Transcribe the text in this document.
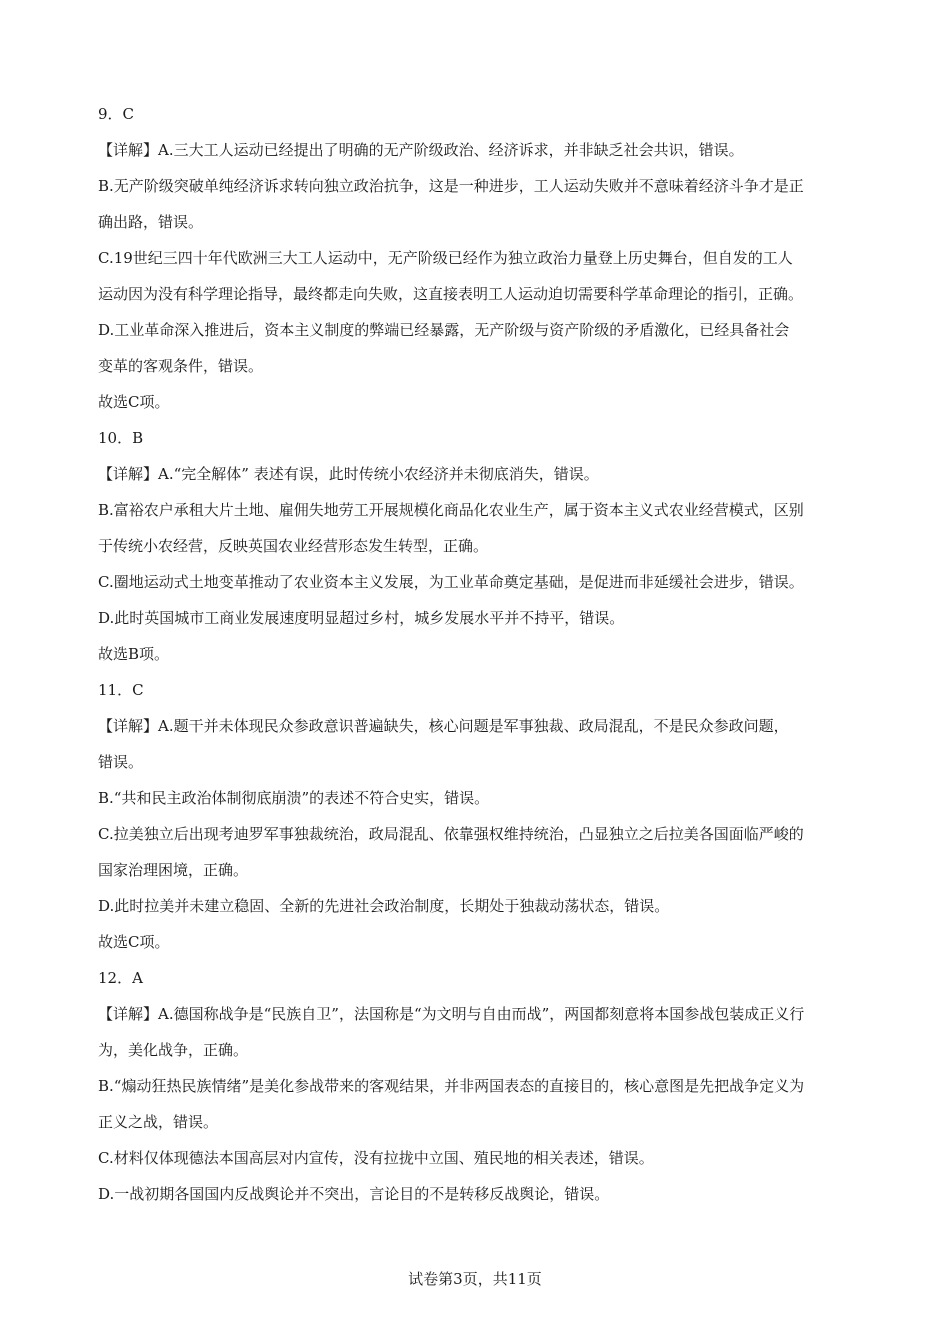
9．C
【详解】A.三大工人运动已经提出了明确的无产阶级政治、经济诉求，并非缺乏社会共识，错误。
B.无产阶级突破单纯经济诉求转向独立政治抗争，这是一种进步，工人运动失败并不意味着经济斗争才是正
确出路，错误。
C.19世纪三四十年代欧洲三大工人运动中，无产阶级已经作为独立政治力量登上历史舞台，但自发的工人
运动因为没有科学理论指导，最终都走向失败，这直接表明工人运动迫切需要科学革命理论的指引，正确。
D.工业革命深入推进后，资本主义制度的弊端已经暴露，无产阶级与资产阶级的矛盾激化，已经具备社会
变革的客观条件，错误。
故选C项。
10．B
【详解】A.“完全解体” 表述有误，此时传统小农经济并未彻底消失，错误。
B.富裕农户承租大片土地、雇佣失地劳工开展规模化商品化农业生产，属于资本主义式农业经营模式，区别
于传统小农经营，反映英国农业经营形态发生转型，正确。
C.圈地运动式土地变革推动了农业资本主义发展，为工业革命奠定基础，是促进而非延缓社会进步，错误。
D.此时英国城市工商业发展速度明显超过乡村，城乡发展水平并不持平，错误。
故选B项。
11．C
【详解】A.题干并未体现民众参政意识普遍缺失，核心问题是军事独裁、政局混乱，不是民众参政问题，
错误。
B.“共和民主政治体制彻底崩溃”的表述不符合史实，错误。
C.拉美独立后出现考迪罗军事独裁统治，政局混乱、依靠强权维持统治，凸显独立之后拉美各国面临严峻的
国家治理困境，正确。
D.此时拉美并未建立稳固、全新的先进社会政治制度，长期处于独裁动荡状态，错误。
故选C项。
12．A
【详解】A.德国称战争是“民族自卫”，法国称是“为文明与自由而战”，两国都刻意将本国参战包装成正义行
为，美化战争，正确。
B.“煽动狂热民族情绪”是美化参战带来的客观结果，并非两国表态的直接目的，核心意图是先把战争定义为
正义之战，错误。
C.材料仅体现德法本国高层对内宣传，没有拉拢中立国、殖民地的相关表述，错误。
D.一战初期各国国内反战舆论并不突出，言论目的不是转移反战舆论，错误。
试卷第3页，共11页
